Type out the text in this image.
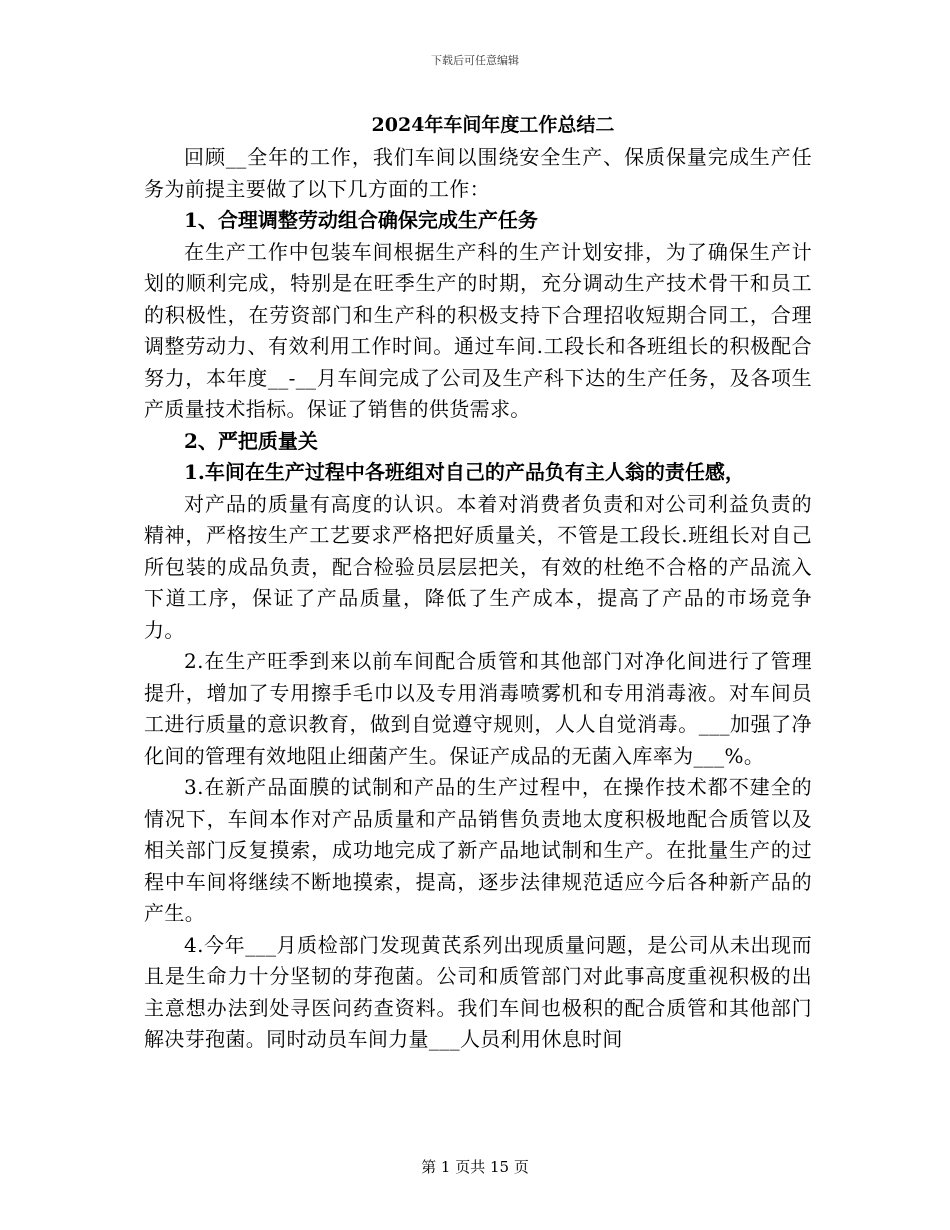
下载后可任意编辑
2024年车间年度工作总结二

回顾__全年的工作，我们车间以围绕安全生产、保质保量完成生产任务为前提主要做了以下几方面的工作：

1、合理调整劳动组合确保完成生产任务

在生产工作中包装车间根据生产科的生产计划安排，为了确保生产计划的顺利完成，特别是在旺季生产的时期，充分调动生产技术骨干和员工的积极性，在劳资部门和生产科的积极支持下合理招收短期合同工，合理调整劳动力、有效利用工作时间。通过车间.工段长和各班组长的积极配合努力，本年度__-__月车间完成了公司及生产科下达的生产任务，及各项生产质量技术指标。保证了销售的供货需求。

2、严把质量关

1.车间在生产过程中各班组对自己的产品负有主人翁的责任感，

对产品的质量有高度的认识。本着对消费者负责和对公司利益负责的精神，严格按生产工艺要求严格把好质量关，不管是工段长.班组长对自己所包装的成品负责，配合检验员层层把关，有效的杜绝不合格的产品流入下道工序，保证了产品质量，降低了生产成本，提高了产品的市场竞争力。

2.在生产旺季到来以前车间配合质管和其他部门对净化间进行了管理提升，增加了专用擦手毛巾以及专用消毒喷雾机和专用消毒液。对车间员工进行质量的意识教育，做到自觉遵守规则，人人自觉消毒。___加强了净化间的管理有效地阻止细菌产生。保证产成品的无菌入库率为___%。

3.在新产品面膜的试制和产品的生产过程中，在操作技术都不建全的情况下，车间本作对产品质量和产品销售负责地太度积极地配合质管以及相关部门反复摸索，成功地完成了新产品地试制和生产。在批量生产的过程中车间将继续不断地摸索，提高，逐步法律规范适应今后各种新产品的产生。

4.今年___月质检部门发现黄芪系列出现质量问题，是公司从未出现而且是生命力十分坚韧的芽孢菌。公司和质管部门对此事高度重视积极的出主意想办法到处寻医问药查资料。我们车间也极积的配合质管和其他部门解决芽孢菌。同时动员车间力量___人员利用休息时间

第 1 页共 15 页
